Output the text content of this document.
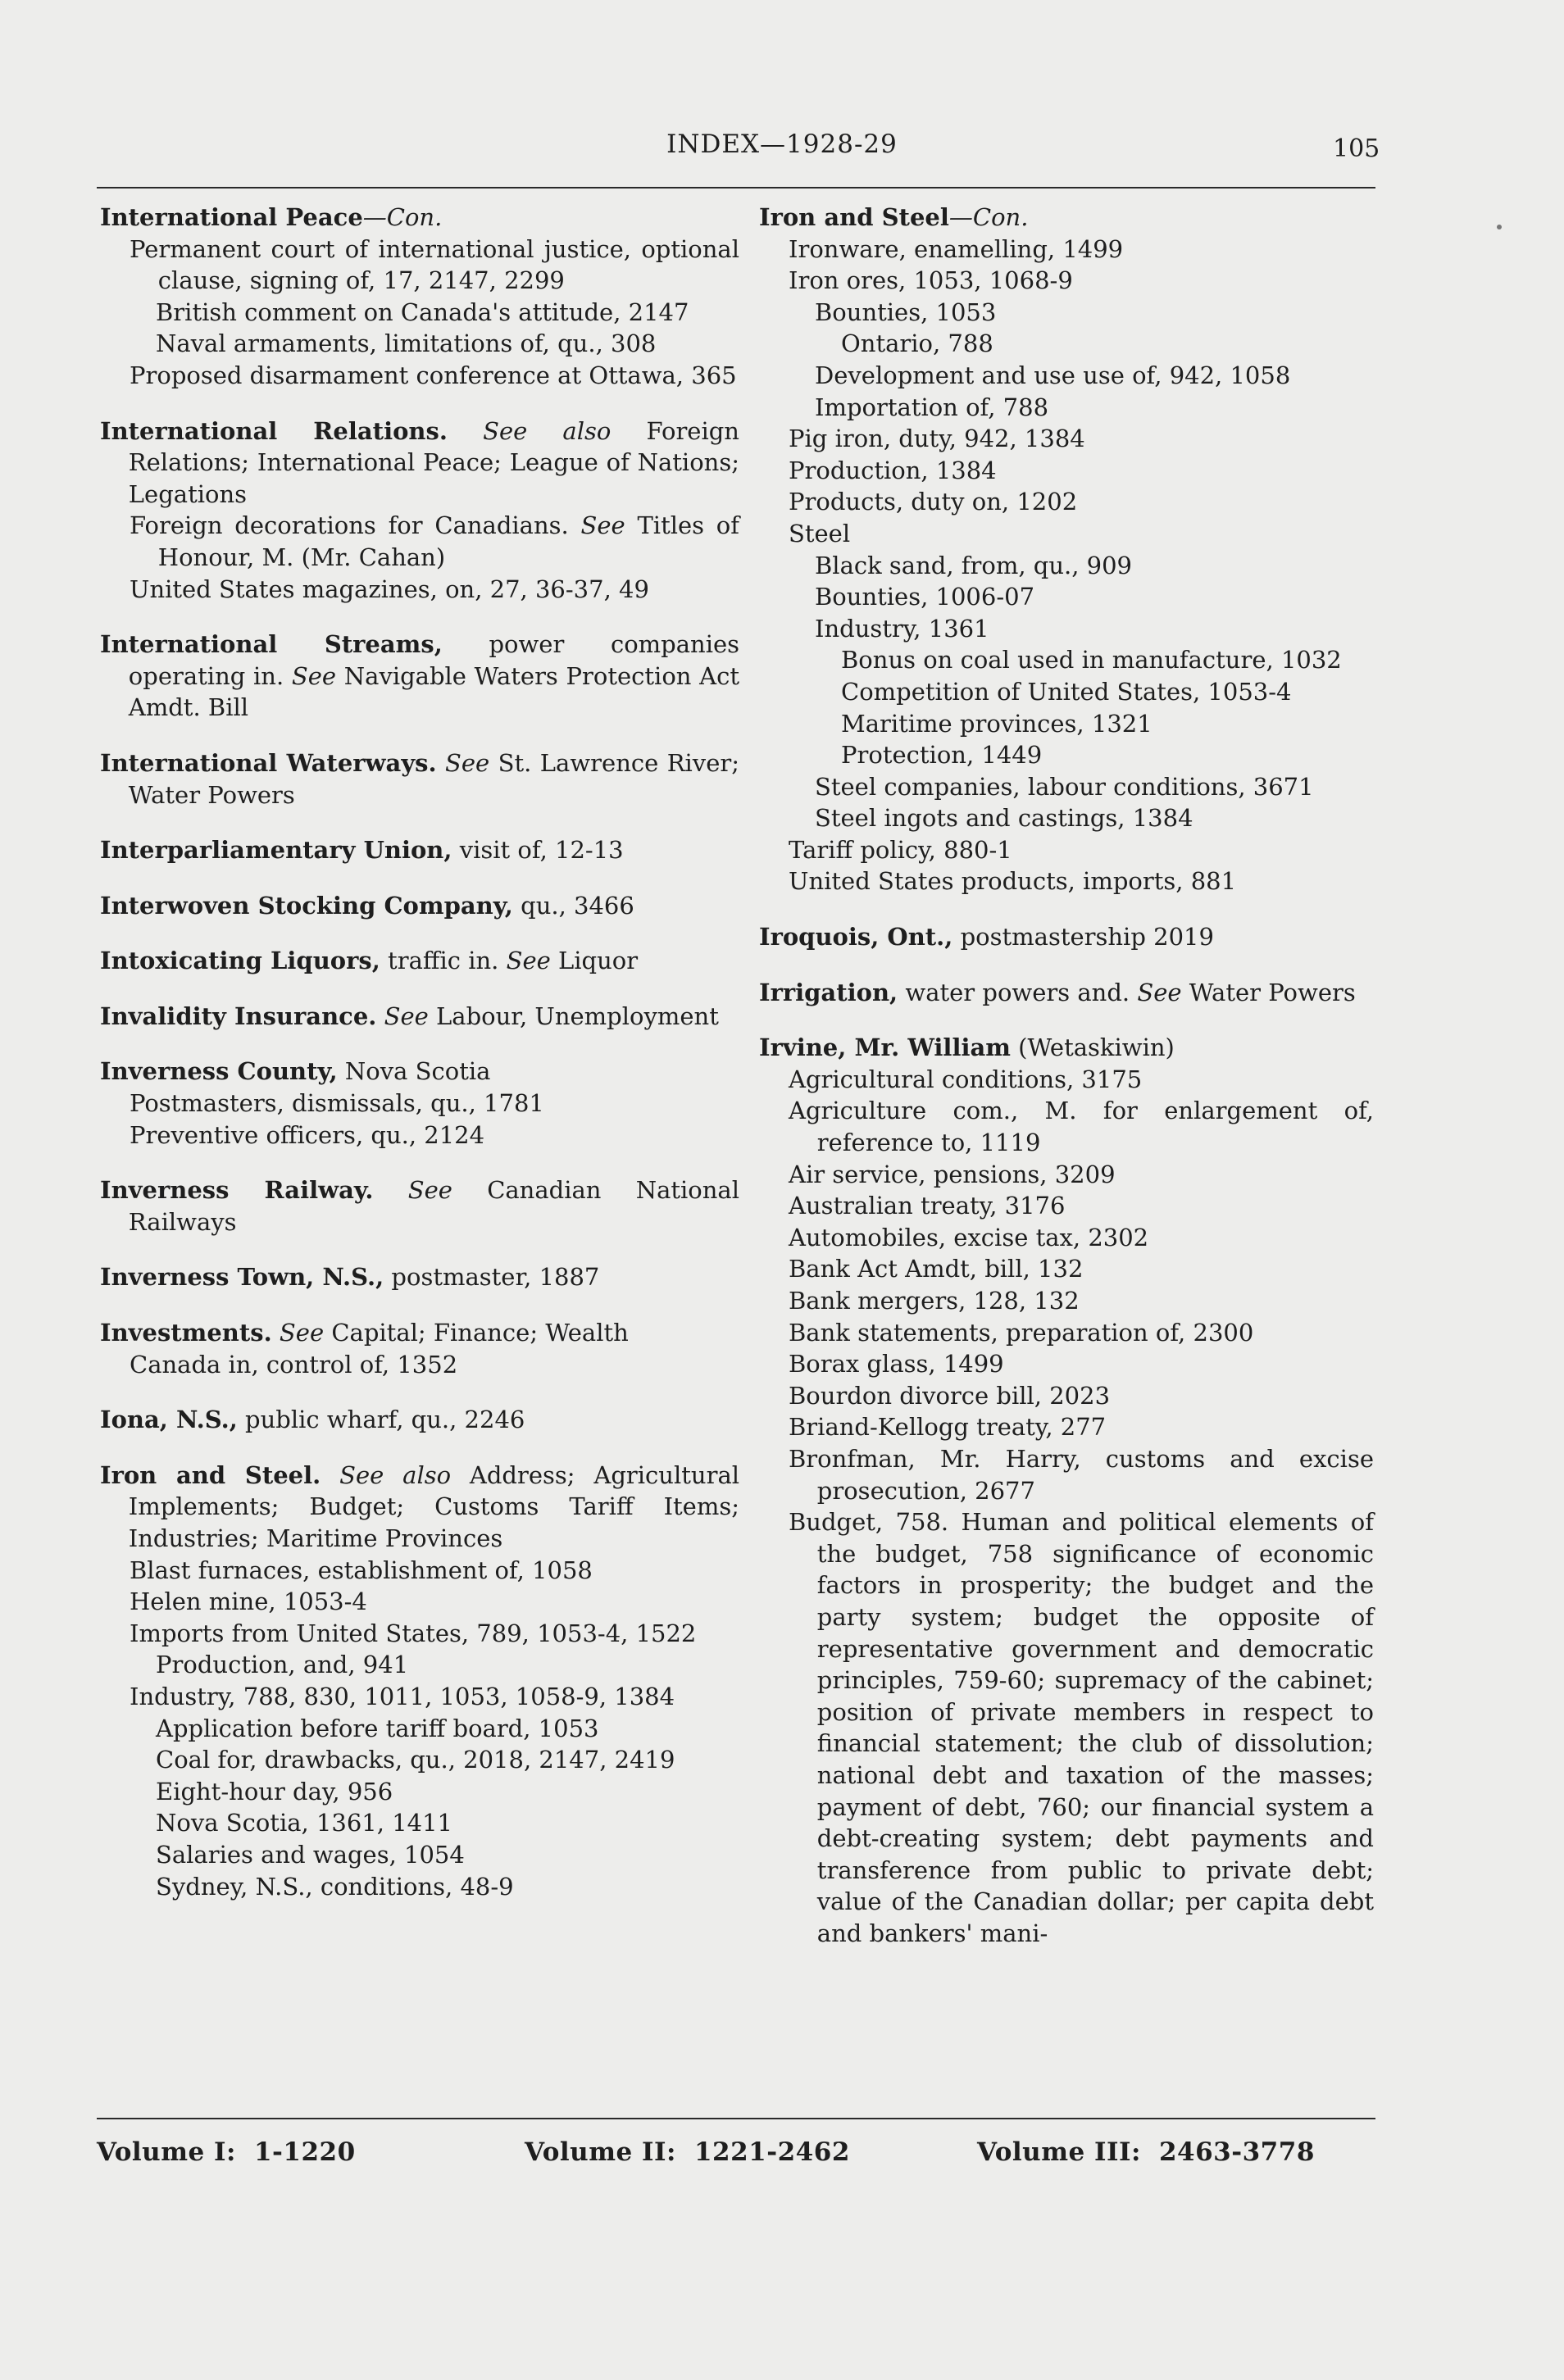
INDEX—1928-29	105

International Peace—Con.

Permanent court of international justice, optional clause, signing of, 17, 2147, 2299

British comment on Canada's attitude, 2147

Naval armaments, limitations of, qu., 308

Proposed disarmament conference at Ottawa, 365

International Relations. See also Foreign Relations; International Peace; League of Nations; Legations

Foreign decorations for Canadians. See Titles of Honour, M. (Mr. Cahan)

United States magazines, on, 27, 36-37, 49

International Streams, power companies operating in. See Navigable Waters Protection Act Amdt. Bill

International Waterways. See St. Lawrence River; Water Powers

Interparliamentary Union, visit of, 12-13

Interwoven Stocking Company, qu., 3466

Intoxicating Liquors, traffic in. See Liquor

Invalidity Insurance. See Labour, Unemployment

Inverness County, Nova Scotia

Postmasters, dismissals, qu., 1781

Preventive officers, qu., 2124

Inverness Railway. See Canadian National Railways

Inverness Town, N.S., postmaster, 1887

Investments. See Capital; Finance; Wealth

Canada in, control of, 1352

Iona, N.S., public wharf, qu., 2246

Iron and Steel. See also Address; Agricultural Implements; Budget; Customs Tariff Items; Industries; Maritime Provinces

Blast furnaces, establishment of, 1058

Helen mine, 1053-4

Imports from United States, 789, 1053-4, 1522

Production, and, 941

Industry, 788, 830, 1011, 1053, 1058-9, 1384

Application before tariff board, 1053

Coal for, drawbacks, qu., 2018, 2147, 2419

Eight-hour day, 956

Nova Scotia, 1361, 1411

Salaries and wages, 1054

Sydney, N.S., conditions, 48-9

Iron and Steel—Con.

Ironware, enamelling, 1499

Iron ores, 1053, 1068-9

Bounties, 1053

Ontario, 788

Development and use use of, 942, 1058

Importation of, 788

Pig iron, duty, 942, 1384

Production, 1384

Products, duty on, 1202

Steel

Black sand, from, qu., 909

Bounties, 1006-07

Industry, 1361

Bonus on coal used in manufacture, 1032

Competition of United States, 1053-4

Maritime provinces, 1321

Protection, 1449

Steel companies, labour conditions, 3671

Steel ingots and castings, 1384

Tariff policy, 880-1

United States products, imports, 881

Iroquois, Ont., postmastership 2019

Irrigation, water powers and. See Water Powers

Irvine, Mr. William (Wetaskiwin)

Agricultural conditions, 3175

Agriculture com., M. for enlargement of, reference to, 1119

Air service, pensions, 3209

Australian treaty, 3176

Automobiles, excise tax, 2302

Bank Act Amdt, bill, 132

Bank mergers, 128, 132

Bank statements, preparation of, 2300

Borax glass, 1499

Bourdon divorce bill, 2023

Briand-Kellogg treaty, 277

Bronfman, Mr. Harry, customs and excise prosecution, 2677

Budget, 758. Human and political elements of the budget, 758 significance of economic factors in prosperity; the budget and the party system; budget the opposite of representative government and democratic principles, 759-60; supremacy of the cabinet; position of private members in respect to financial statement; the club of dissolution; national debt and taxation of the masses; payment of debt, 760; our financial system a debt-creating system; debt payments and transference from public to private debt; value of the Canadian dollar; per capita debt and bankers' mani-

Volume I: 1-1220	Volume II: 1221-2462	Volume III: 2463-3778
